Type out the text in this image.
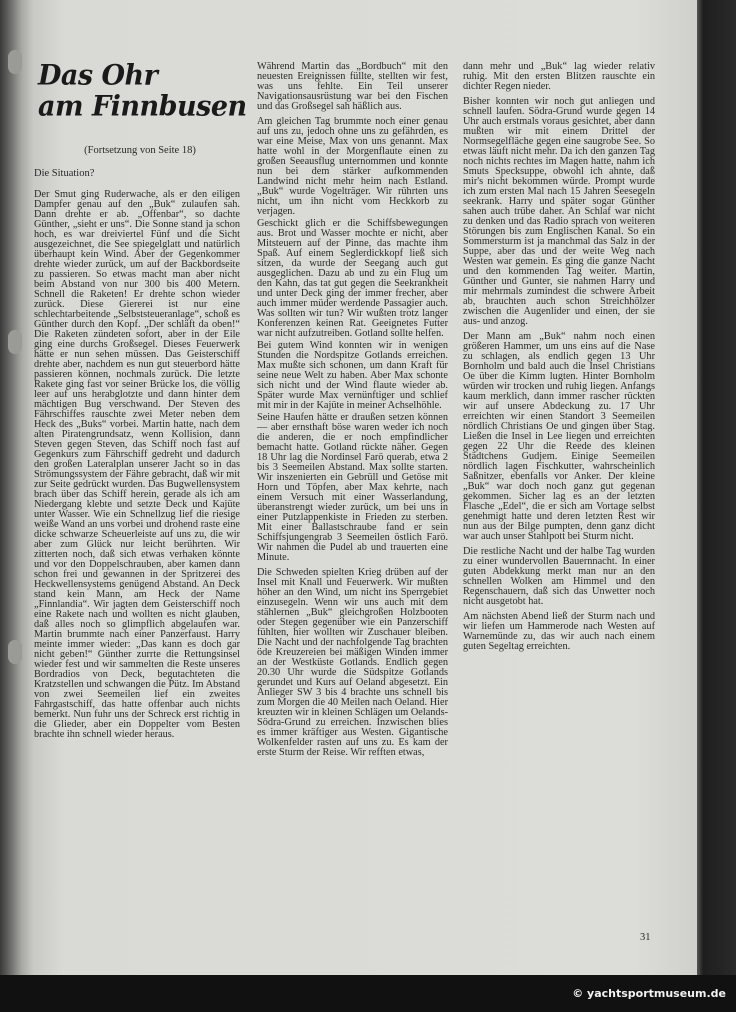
Das Ohr
am Finnbusen
(Fortsetzung von Seite 18)
Die Situation?

Der Smut ging Ruderwache, als er den eiligen Dampfer genau auf den „Buk“ zulaufen sah. Dann drehte er ab. „Offenbar“, so dachte Günther, „sieht er uns“. Die Sonne stand ja schon hoch, es war dreiviertel Fünf und die Sicht ausgezeichnet, die See spiegelglatt und natürlich überhaupt kein Wind. Aber der Gegenkommer drehte wieder zurück, um auf der Backbordseite zu passieren. So etwas macht man aber nicht beim Abstand von nur 300 bis 400 Metern. Schnell die Raketen! Er drehte schon wieder zurück. Diese Giererei ist nur eine schlechtarbeitende „Selbststeueranlage“, schoß es Günther durch den Kopf. „Der schläft da oben!“ Die Raketen zündeten sofort, aber in der Eile ging eine durchs Großsegel. Dieses Feuerwerk hätte er nun sehen müssen. Das Geisterschiff drehte aber, nachdem es nun gut steuerbord hätte passieren können, nochmals zurück. Die letzte Rakete ging fast vor seiner Brücke los, die völlig leer auf uns herabglotzte und dann hinter dem mächtigen Bug verschwand. Der Steven des Fährschiffes rauschte zwei Meter neben dem Heck des „Buks“ vorbei. Martin hatte, nach dem alten Piratengrundsatz, wenn Kollision, dann Steven gegen Steven, das Schiff noch fast auf Gegenkurs zum Fährschiff gedreht und dadurch den großen Lateralplan unserer Jacht so in das Strömungssystem der Fähre gebracht, daß wir mit zur Seite gedrückt wurden. Das Bugwellensystem brach über das Schiff herein, gerade als ich am Niedergang klebte und setzte Deck und Kajüte unter Wasser. Wie ein Schnellzug lief die riesige weiße Wand an uns vorbei und drohend raste eine dicke schwarze Scheuerleiste auf uns zu, die wir aber zum Glück nur leicht berührten. Wir zitterten noch, daß sich etwas verhaken könnte und vor den Doppelschrauben, aber kamen dann schon frei und gewannen in der Spritzerei des Heckwellensystems genügend Abstand. An Deck stand kein Mann, am Heck der Name „Finnlandia“. Wir jagten dem Geisterschiff noch eine Rakete nach und wollten es nicht glauben, daß alles noch so glimpflich abgelaufen war. Martin brummte nach einer Panzerfaust. Harry meinte immer wieder: „Das kann es doch gar nicht geben!“ Günther zurrte die Rettungsinsel wieder fest und wir sammelten die Reste unseres Bordradios von Deck, begutachteten die Kratzstellen und schwangen die Pütz. Im Abstand von zwei Seemeilen lief ein zweites Fahrgastschiff, das hatte offenbar auch nichts bemerkt. Nun fuhr uns der Schreck erst richtig in die Glieder, aber ein Doppelter vom Besten brachte ihn schnell wieder heraus.

Während Martin das „Bordbuch“ mit den neuesten Ereignissen füllte, stellten wir fest, was uns fehlte. Ein Teil unserer Navigationsausrüstung war bei den Fischen und das Großsegel sah häßlich aus.

Am gleichen Tag brummte noch einer genau auf uns zu, jedoch ohne uns zu gefährden, es war eine Meise, Max von uns genannt. Max hatte wohl in der Morgenflaute einen zu großen Seeausflug unternommen und konnte nun bei dem stärker aufkommenden Landwind nicht mehr heim nach Estland. „Buk“ wurde Vogelträger. Wir rührten uns nicht, um ihn nicht vom Heckkorb zu verjagen.

Geschickt glich er die Schiffsbewegungen aus. Brot und Wasser mochte er nicht, aber Mitsteuern auf der Pinne, das machte ihm Spaß. Auf einem Seglerdickkopf ließ sich sitzen, da wurde der Seegang auch gut ausgeglichen. Dazu ab und zu ein Flug um den Kahn, das tat gut gegen die Seekrankheit und unter Deck ging der immer frecher, aber auch immer müder werdende Passagier auch. Was sollten wir tun? Wir wußten trotz langer Konferenzen keinen Rat. Geeignetes Futter war nicht aufzutreiben. Gotland sollte helfen.

Bei gutem Wind konnten wir in wenigen Stunden die Nordspitze Gotlands erreichen. Max mußte sich schonen, um dann Kraft für seine neue Welt zu haben. Aber Max schonte sich nicht und der Wind flaute wieder ab. Später wurde Max vernünftiger und schlief mit mir in der Kajüte in meiner Achselhöhle.

Seine Haufen hätte er draußen setzen können — aber ernsthaft böse waren weder ich noch die anderen, die er noch empfindlicher bemacht hatte. Gotland rückte näher. Gegen 18 Uhr lag die Nordinsel Farö querab, etwa 2 bis 3 Seemeilen Abstand. Max sollte starten. Wir inszenierten ein Gebrüll und Getöse mit Horn und Töpfen, aber Max kehrte, nach einem Versuch mit einer Wasserlandung, überanstrengt wieder zurück, um bei uns in einer Putzlappenkiste in Frieden zu sterben. Mit einer Ballastschraube fand er sein Schiffsjungengrab 3 Seemeilen östlich Farö. Wir nahmen die Pudel ab und trauerten eine Minute.

Die Schweden spielten Krieg drüben auf der Insel mit Knall und Feuerwerk. Wir mußten höher an den Wind, um nicht ins Sperrgebiet einzusegeln. Wenn wir uns auch mit dem stählernen „Buk“ gleichgroßen Holzbooten oder Stegen gegenüber wie ein Panzerschiff fühlten, hier wollten wir Zuschauer bleiben. Die Nacht und der nachfolgende Tag brachten öde Kreuzereien bei mäßigen Winden immer an der Westküste Gotlands. Endlich gegen 20.30 Uhr wurde die Südspitze Gotlands gerundet und Kurs auf Oeland abgesetzt. Ein Anlieger SW 3 bis 4 brachte uns schnell bis zum Morgen die 40 Meilen nach Oeland. Hier kreuzten wir in kleinen Schlägen um Oelands-Södra-Grund zu erreichen. Inzwischen blies es immer kräftiger aus Westen. Gigantische Wolkenfelder rasten auf uns zu. Es kam der erste Sturm der Reise. Wir refften etwas,

dann mehr und „Buk“ lag wieder relativ ruhig. Mit den ersten Blitzen rauschte ein dichter Regen nieder.

Bisher konnten wir noch gut anliegen und schnell laufen. Södra-Grund wurde gegen 14 Uhr auch erstmals voraus gesichtet, aber dann mußten wir mit einem Drittel der Normsegelfläche gegen eine saugrobe See. So etwas läuft nicht mehr. Da ich den ganzen Tag noch nichts rechtes im Magen hatte, nahm ich Smuts Specksuppe, obwohl ich ahnte, daß mir's nicht bekommen würde. Prompt wurde ich zum ersten Mal nach 15 Jahren Seesegeln seekrank. Harry und später sogar Günther sahen auch trübe daher. An Schlaf war nicht zu denken und das Radio sprach von weiteren Störungen bis zum Englischen Kanal. So ein Sommersturm ist ja manchmal das Salz in der Suppe, aber das und der weite Weg nach Westen war gemein. Es ging die ganze Nacht und den kommenden Tag weiter. Martin, Günther und Gunter, sie nahmen Harry und mir mehrmals zumindest die schwere Arbeit ab, brauchten auch schon Streichhölzer zwischen die Augenlider und einen, der sie aus- und anzog.

Der Mann am „Buk“ nahm noch einen größeren Hammer, um uns eins auf die Nase zu schlagen, als endlich gegen 13 Uhr Bornholm und bald auch die Insel Christians Oe über die Kimm lugten. Hinter Bornholm würden wir trocken und ruhig liegen. Anfangs kaum merklich, dann immer rascher rückten wir auf unsere Abdeckung zu. 17 Uhr erreichten wir einen Standort 3 Seemeilen nördlich Christians Oe und gingen über Stag. Ließen die Insel in Lee liegen und erreichten gegen 22 Uhr die Reede des kleinen Städtchens Gudjem. Einige Seemeilen nördlich lagen Fischkutter, wahrscheinlich Saßnitzer, ebenfalls vor Anker. Der kleine „Buk“ war doch noch ganz gut gegenan gekommen. Sicher lag es an der letzten Flasche „Edel“, die er sich am Vortage selbst genehmigt hatte und deren letzten Rest wir nun aus der Bilge pumpten, denn ganz dicht war auch unser Stahlpott bei Sturm nicht.

Die restliche Nacht und der halbe Tag wurden zu einer wundervollen Bauernnacht. In einer guten Abdekkung merkt man nur an den schnellen Wolken am Himmel und den Regenschauern, daß sich das Unwetter noch nicht ausgetobt hat.

Am nächsten Abend ließ der Sturm nach und wir liefen um Hammerode nach Westen auf Warnemünde zu, das wir auch nach einem guten Segeltag erreichten.

31
© yachtsportmuseum.de
